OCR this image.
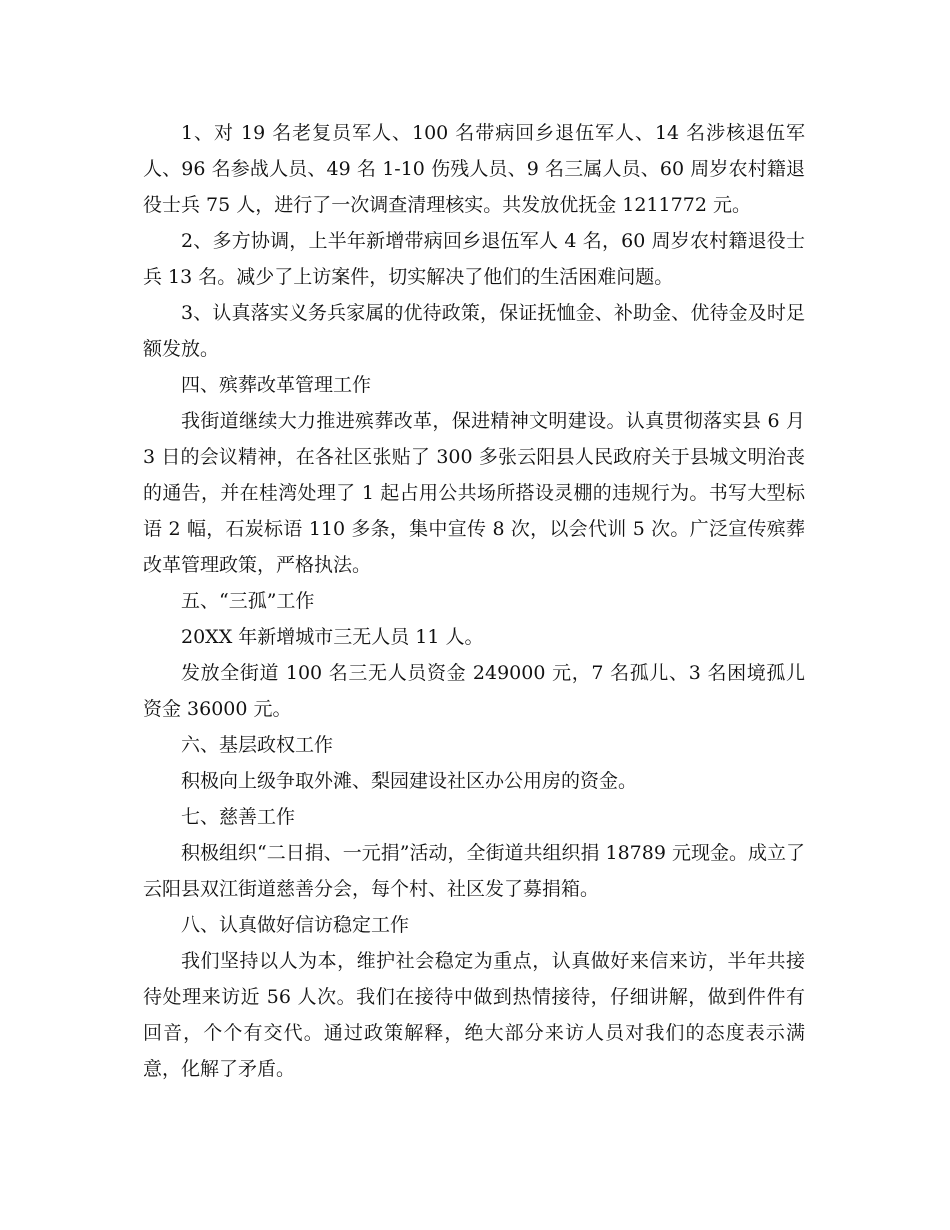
1、对 19 名老复员军人、100 名带病回乡退伍军人、14 名涉核退伍军人、96 名参战人员、49 名 1-10 伤残人员、9 名三属人员、60 周岁农村籍退役士兵 75 人，进行了一次调查清理核实。共发放优抚金 1211772 元。

2、多方协调，上半年新增带病回乡退伍军人 4 名，60 周岁农村籍退役士兵 13 名。减少了上访案件，切实解决了他们的生活困难问题。

3、认真落实义务兵家属的优待政策，保证抚恤金、补助金、优待金及时足额发放。

四、殡葬改革管理工作

我街道继续大力推进殡葬改革，保进精神文明建设。认真贯彻落实县 6 月 3 日的会议精神，在各社区张贴了 300 多张云阳县人民政府关于县城文明治丧的通告，并在桂湾处理了 1 起占用公共场所搭设灵棚的违规行为。书写大型标语 2 幅，石炭标语 110 多条，集中宣传 8 次，以会代训 5 次。广泛宣传殡葬改革管理政策，严格执法。

五、“三孤”工作

20XX 年新增城市三无人员 11 人。

发放全街道 100 名三无人员资金 249000 元，7 名孤儿、3 名困境孤儿资金 36000 元。

六、基层政权工作

积极向上级争取外滩、梨园建设社区办公用房的资金。

七、慈善工作

积极组织“二日捐、一元捐”活动，全街道共组织捐 18789 元现金。成立了云阳县双江街道慈善分会，每个村、社区发了募捐箱。

八、认真做好信访稳定工作

我们坚持以人为本，维护社会稳定为重点，认真做好来信来访，半年共接待处理来访近 56 人次。我们在接待中做到热情接待，仔细讲解，做到件件有回音，个个有交代。通过政策解释，绝大部分来访人员对我们的态度表示满意，化解了矛盾。
